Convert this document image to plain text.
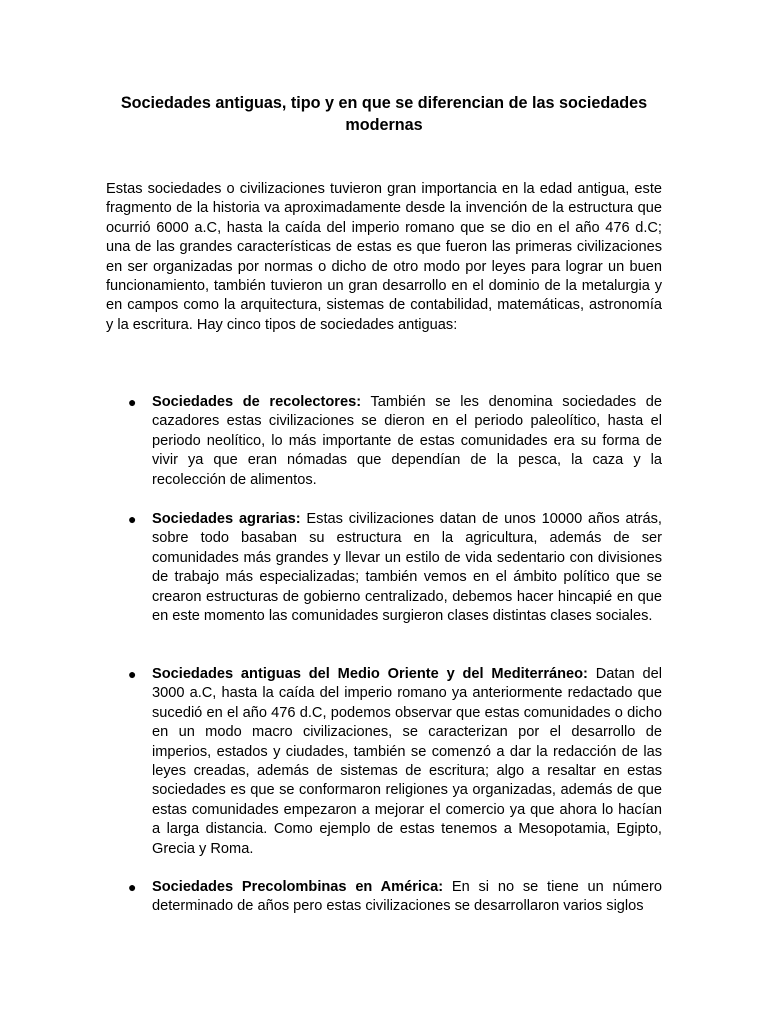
Sociedades antiguas, tipo y en que se diferencian de las sociedades modernas

Estas sociedades o civilizaciones tuvieron gran importancia en la edad antigua, este fragmento de la historia va aproximadamente desde la invención de la estructura que ocurrió 6000 a.C, hasta la caída del imperio romano que se dio en el año 476 d.C; una de las grandes características de estas es que fueron las primeras civilizaciones en ser organizadas por normas o dicho de otro modo por leyes para lograr un buen funcionamiento, también tuvieron un gran desarrollo en el dominio de la metalurgia y en campos como la arquitectura, sistemas de contabilidad, matemáticas, astronomía y la escritura. Hay cinco tipos de sociedades antiguas:

● Sociedades de recolectores: También se les denomina sociedades de cazadores estas civilizaciones se dieron en el periodo paleolítico, hasta el periodo neolítico, lo más importante de estas comunidades era su forma de vivir ya que eran nómadas que dependían de la pesca, la caza y la recolección de alimentos.

● Sociedades agrarias: Estas civilizaciones datan de unos 10000 años atrás, sobre todo basaban su estructura en la agricultura, además de ser comunidades más grandes y llevar un estilo de vida sedentario con divisiones de trabajo más especializadas; también vemos en el ámbito político que se crearon estructuras de gobierno centralizado, debemos hacer hincapié en que en este momento las comunidades surgieron clases distintas clases sociales.

● Sociedades antiguas del Medio Oriente y del Mediterráneo: Datan del 3000 a.C, hasta la caída del imperio romano ya anteriormente redactado que sucedió en el año 476 d.C, podemos observar que estas comunidades o dicho en un modo macro civilizaciones, se caracterizan por el desarrollo de imperios, estados y ciudades, también se comenzó a dar la redacción de las leyes creadas, además de sistemas de escritura; algo a resaltar en estas sociedades es que se conformaron religiones ya organizadas, además de que estas comunidades empezaron a mejorar el comercio ya que ahora lo hacían a larga distancia. Como ejemplo de estas tenemos a Mesopotamia, Egipto, Grecia y Roma.

● Sociedades Precolombinas en América: En si no se tiene un número determinado de años pero estas civilizaciones se desarrollaron varios siglos
